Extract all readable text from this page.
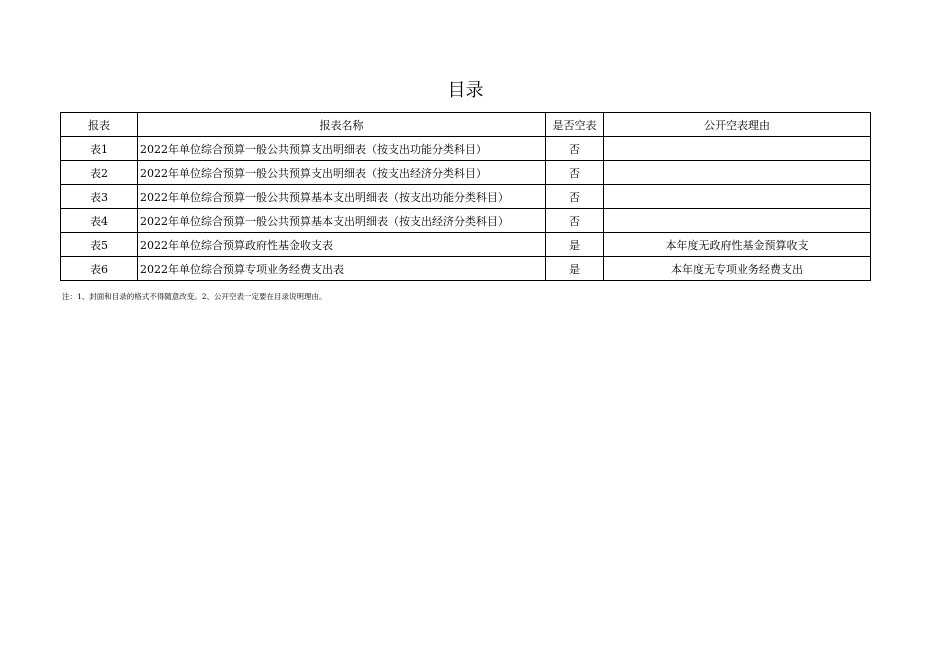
目录
报表	报表名称	是否空表	公开空表理由
表1	2022年单位综合预算一般公共预算支出明细表（按支出功能分类科目）	否	
表2	2022年单位综合预算一般公共预算支出明细表（按支出经济分类科目）	否	
表3	2022年单位综合预算一般公共预算基本支出明细表（按支出功能分类科目）	否	
表4	2022年单位综合预算一般公共预算基本支出明细表（按支出经济分类科目）	否	
表5	2022年单位综合预算政府性基金收支表	是	本年度无政府性基金预算收支
表6	2022年单位综合预算专项业务经费支出表	是	本年度无专项业务经费支出
注：1、封面和目录的格式不得随意改变。2、公开空表一定要在目录说明理由。
